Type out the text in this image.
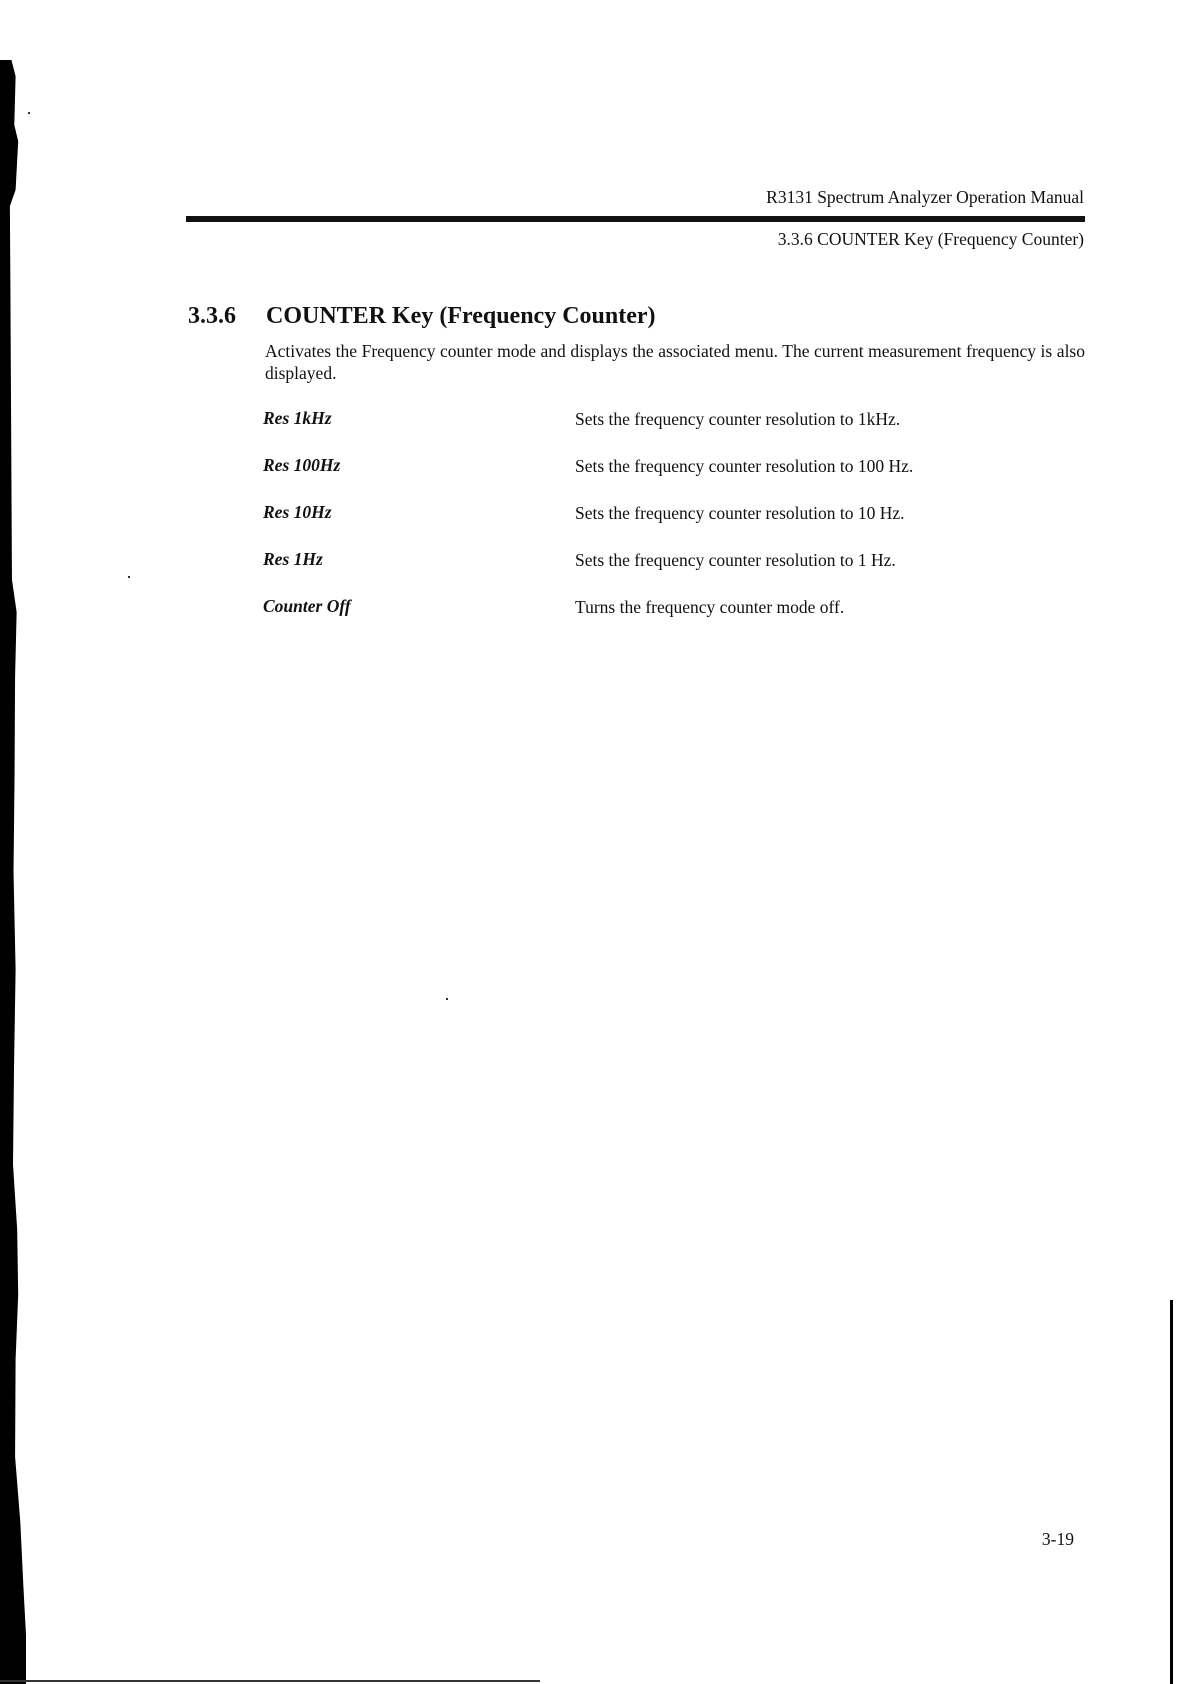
R3131 Spectrum Analyzer Operation Manual
3.3.6 COUNTER Key (Frequency Counter)
3.3.6 COUNTER Key (Frequency Counter)

Activates the Frequency counter mode and displays the associated menu. The current measurement frequency is also displayed.

Res 1kHz	Sets the frequency counter resolution to 1kHz.
Res 100Hz	Sets the frequency counter resolution to 100 Hz.
Res 10Hz	Sets the frequency counter resolution to 10 Hz.
Res 1Hz	Sets the frequency counter resolution to 1 Hz.
Counter Off	Turns the frequency counter mode off.
3-19
